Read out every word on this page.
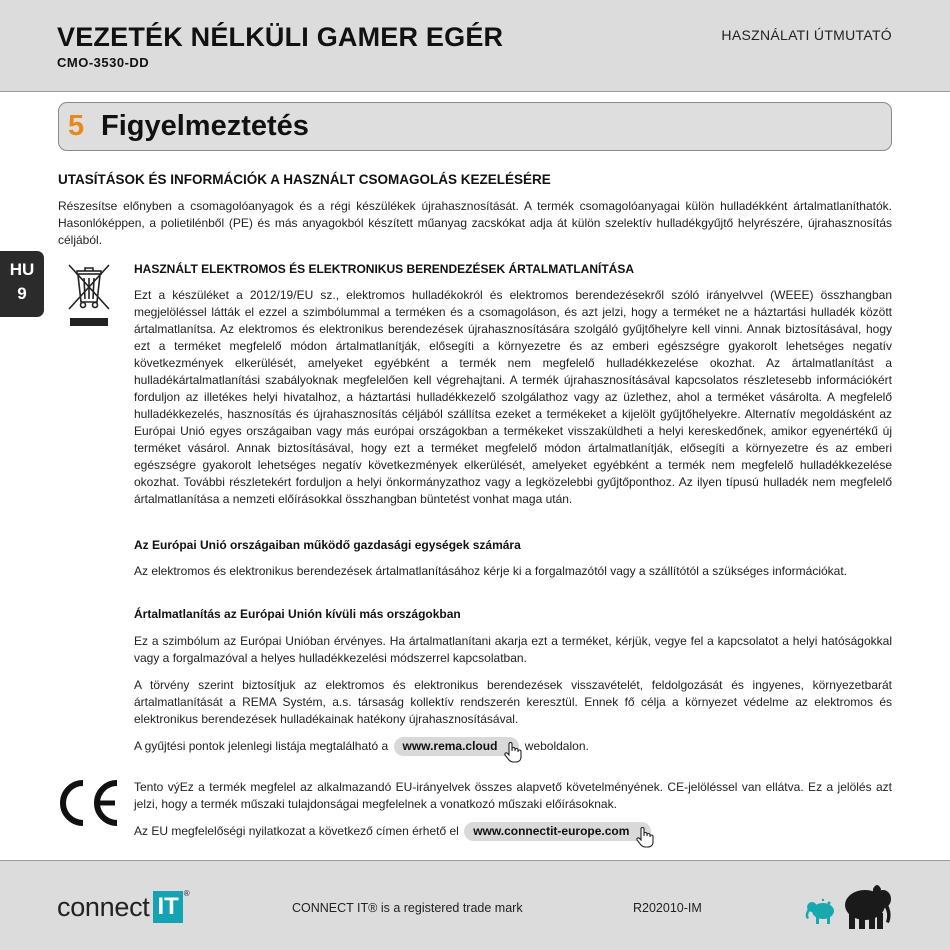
VEZETÉK NÉLKÜLI GAMER EGÉR
CMO-3530-DD
HASZNÁLATI ÚTMUTATÓ
5 Figyelmeztetés
HU
9
UTASÍTÁSOK ÉS INFORMÁCIÓK A HASZNÁLT CSOMAGOLÁS KEZELÉSÉRE
Részesítse előnyben a csomagolóanyagok és a régi készülékek újrahasznosítását. A termék csomagolóanyagai külön hulladékként ártalmatlaníthatók. Hasonlóképpen, a polietilénből (PE) és más anyagokból készített műanyag zacskókat adja át külön szelektív hulladékgyűjtő helyrészére, újrahasznosítás céljából.
HASZNÁLT ELEKTROMOS ÉS ELEKTRONIKUS BERENDEZÉSEK ÁRTALMATLANÍTÁSA
Ezt a készüléket a 2012/19/EU sz., elektromos hulladékokról és elektromos berendezésekről szóló irányelvvel (WEEE) összhangban megjelöléssel látták el ezzel a szimbólummal a terméken és a csomagoláson, és azt jelzi, hogy a terméket ne a háztartási hulladék között ártalmatlanítsa. Az elektromos és elektronikus berendezések újrahasznosítására szolgáló gyűjtőhelyre kell vinni. Annak biztosításával, hogy ezt a terméket megfelelő módon ártalmatlanítják, elősegíti a környezetre és az emberi egészségre gyakorolt lehetséges negatív következmények elkerülését, amelyeket egyébként a termék nem megfelelő hulladékkezelése okozhat. Az ártalmatlanítást a hulladékártalmatlanítási szabályoknak megfelelően kell végrehajtani. A termék újrahasznosításával kapcsolatos részletesebb információkért forduljon az illetékes helyi hivatalhoz, a háztartási hulladékkezelő szolgálathoz vagy az üzlethez, ahol a terméket vásárolta. A megfelelő hulladékkezelés, hasznosítás és újrahasznosítás céljából szállítsa ezeket a termékeket a kijelölt gyűjtőhelyekre. Alternatív megoldásként az Európai Unió egyes országaiban vagy más európai országokban a termékeket visszaküldheti a helyi kereskedőnek, amikor egyenértékű új terméket vásárol. Annak biztosításával, hogy ezt a terméket megfelelő módon ártalmatlanítják, elősegíti a környezetre és az emberi egészségre gyakorolt lehetséges negatív következmények elkerülését, amelyeket egyébként a termék nem megfelelő hulladékkezelése okozhat. További részletekért forduljon a helyi önkormányzathoz vagy a legközelebbi gyűjtőponthoz. Az ilyen típusú hulladék nem megfelelő ártalmatlanítása a nemzeti előírásokkal összhangban büntetést vonhat maga után.
Az Európai Unió országaiban működő gazdasági egységek számára
Az elektromos és elektronikus berendezések ártalmatlanításához kérje ki a forgalmazótól vagy a szállítótól a szükséges információkat.
Ártalmatlanítás az Európai Unión kívüli más országokban
Ez a szimbólum az Európai Unióban érvényes. Ha ártalmatlanítani akarja ezt a terméket, kérjük, vegye fel a kapcsolatot a helyi hatóságokkal vagy a forgalmazóval a helyes hulladékkezelési módszerrel kapcsolatban.
A törvény szerint biztosítjuk az elektromos és elektronikus berendezések visszavételét, feldolgozását és ingyenes, környezetbarát ártalmatlanítását a REMA Systém, a.s. társaság kollektív rendszerén keresztül. Ennek fő célja a környezet védelme az elektromos és elektronikus berendezések hulladékainak hatékony újrahasznosításával.
A gyűjtési pontok jelenlegi listája megtalálható a www.rema.cloud weboldalon.
Tento výEz a termék megfelel az alkalmazandó EU-irányelvek összes alapvető követelményének. CE-jelöléssel van ellátva. Ez a jelölés azt jelzi, hogy a termék műszaki tulajdonságai megfelelnek a vonatkozó műszaki előírásoknak.
Az EU megfelelőségi nyilatkozat a következő címen érhető el www.connectit-europe.com
connect IT ®
CONNECT IT® is a registered trade mark	R202010-IM
